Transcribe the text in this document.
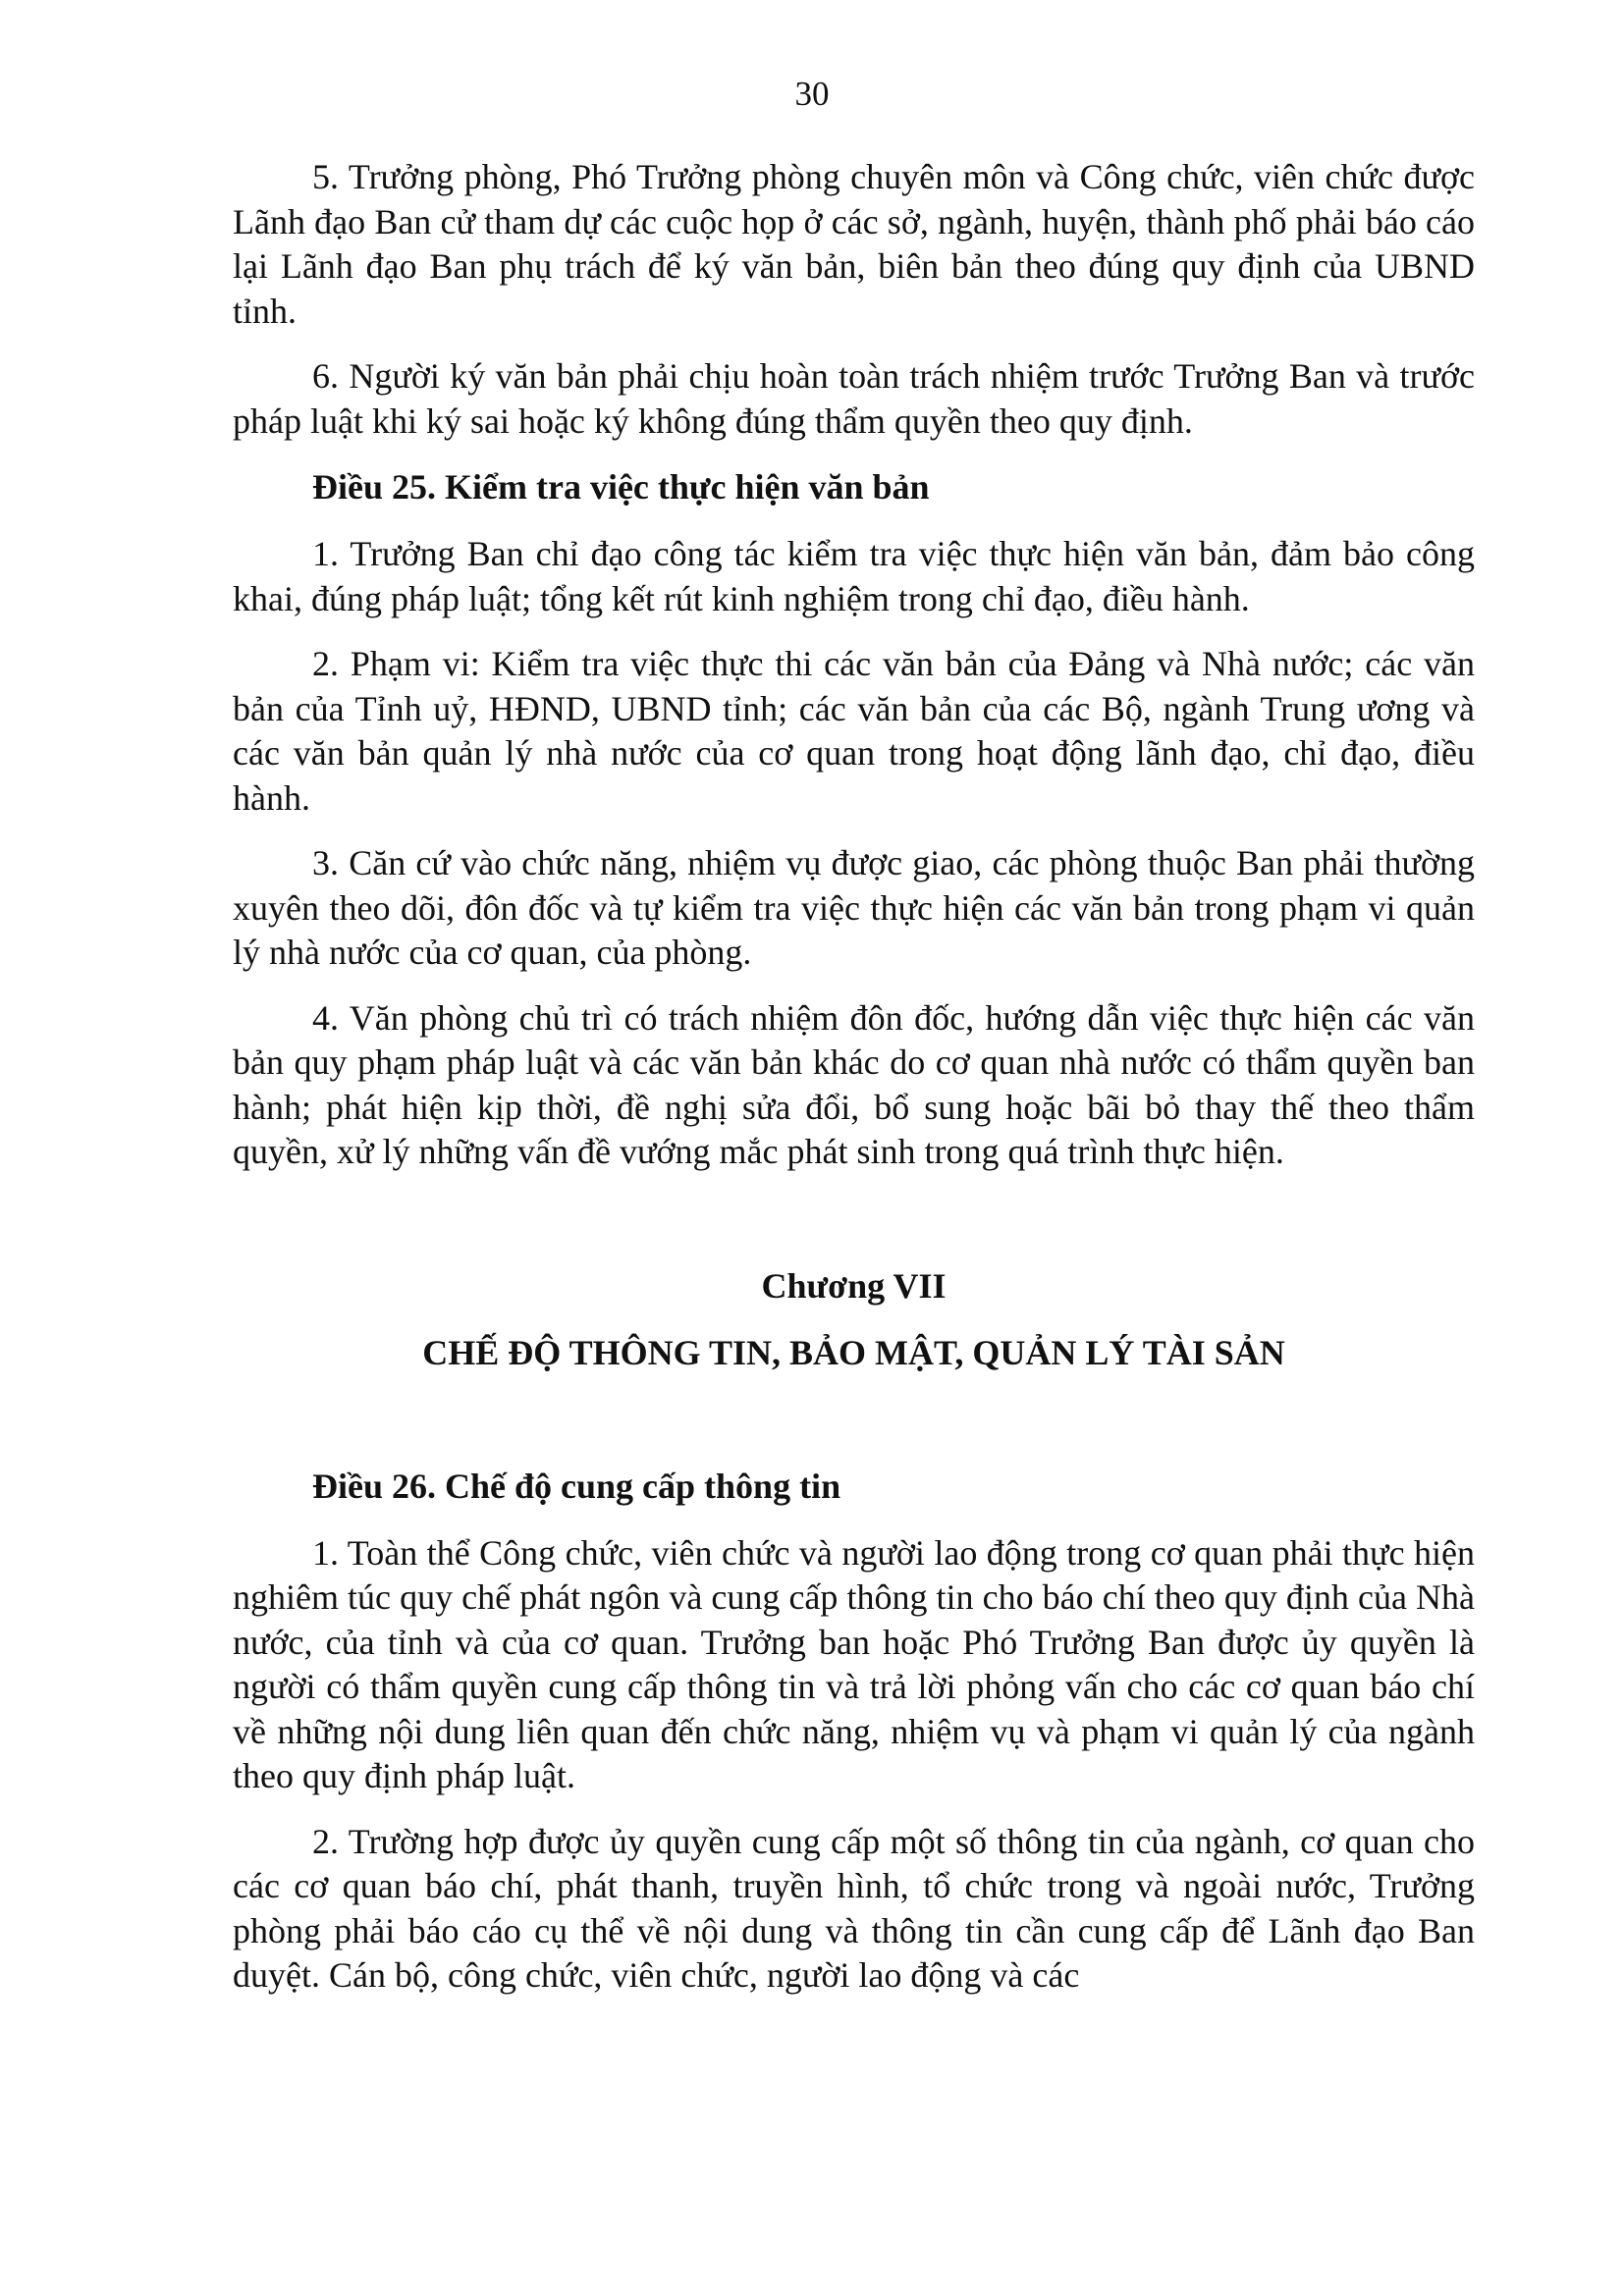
30

5. Trưởng phòng, Phó Trưởng phòng chuyên môn và Công chức, viên chức được Lãnh đạo Ban cử tham dự các cuộc họp ở các sở, ngành, huyện, thành phố phải báo cáo lại Lãnh đạo Ban phụ trách để ký văn bản, biên bản theo đúng quy định của UBND tỉnh.

6. Người ký văn bản phải chịu hoàn toàn trách nhiệm trước Trưởng Ban và trước pháp luật khi ký sai hoặc ký không đúng thẩm quyền theo quy định.

Điều 25. Kiểm tra việc thực hiện văn bản

1. Trưởng Ban chỉ đạo công tác kiểm tra việc thực hiện văn bản, đảm bảo công khai, đúng pháp luật; tổng kết rút kinh nghiệm trong chỉ đạo, điều hành.

2. Phạm vi: Kiểm tra việc thực thi các văn bản của Đảng và Nhà nước; các văn bản của Tỉnh uỷ, HĐND, UBND tỉnh; các văn bản của các Bộ, ngành Trung ương và các văn bản quản lý nhà nước của cơ quan trong hoạt động lãnh đạo, chỉ đạo, điều hành.

3. Căn cứ vào chức năng, nhiệm vụ được giao, các phòng thuộc Ban phải thường xuyên theo dõi, đôn đốc và tự kiểm tra việc thực hiện các văn bản trong phạm vi quản lý nhà nước của cơ quan, của phòng.

4. Văn phòng chủ trì có trách nhiệm đôn đốc, hướng dẫn việc thực hiện các văn bản quy phạm pháp luật và các văn bản khác do cơ quan nhà nước có thẩm quyền ban hành; phát hiện kịp thời, đề nghị sửa đổi, bổ sung hoặc bãi bỏ thay thế theo thẩm quyền, xử lý những vấn đề vướng mắc phát sinh trong quá trình thực hiện.

Chương VII

CHẾ ĐỘ THÔNG TIN, BẢO MẬT, QUẢN LÝ TÀI SẢN

Điều 26. Chế độ cung cấp thông tin

1. Toàn thể Công chức, viên chức và người lao động trong cơ quan phải thực hiện nghiêm túc quy chế phát ngôn và cung cấp thông tin cho báo chí theo quy định của Nhà nước, của tỉnh và của cơ quan. Trưởng ban hoặc Phó Trưởng Ban được ủy quyền là người có thẩm quyền cung cấp thông tin và trả lời phỏng vấn cho các cơ quan báo chí về những nội dung liên quan đến chức năng, nhiệm vụ và phạm vi quản lý của ngành theo quy định pháp luật.

2. Trường hợp được ủy quyền cung cấp một số thông tin của ngành, cơ quan cho các cơ quan báo chí, phát thanh, truyền hình, tổ chức trong và ngoài nước, Trưởng phòng phải báo cáo cụ thể về nội dung và thông tin cần cung cấp để Lãnh đạo Ban duyệt. Cán bộ, công chức, viên chức, người lao động và các
